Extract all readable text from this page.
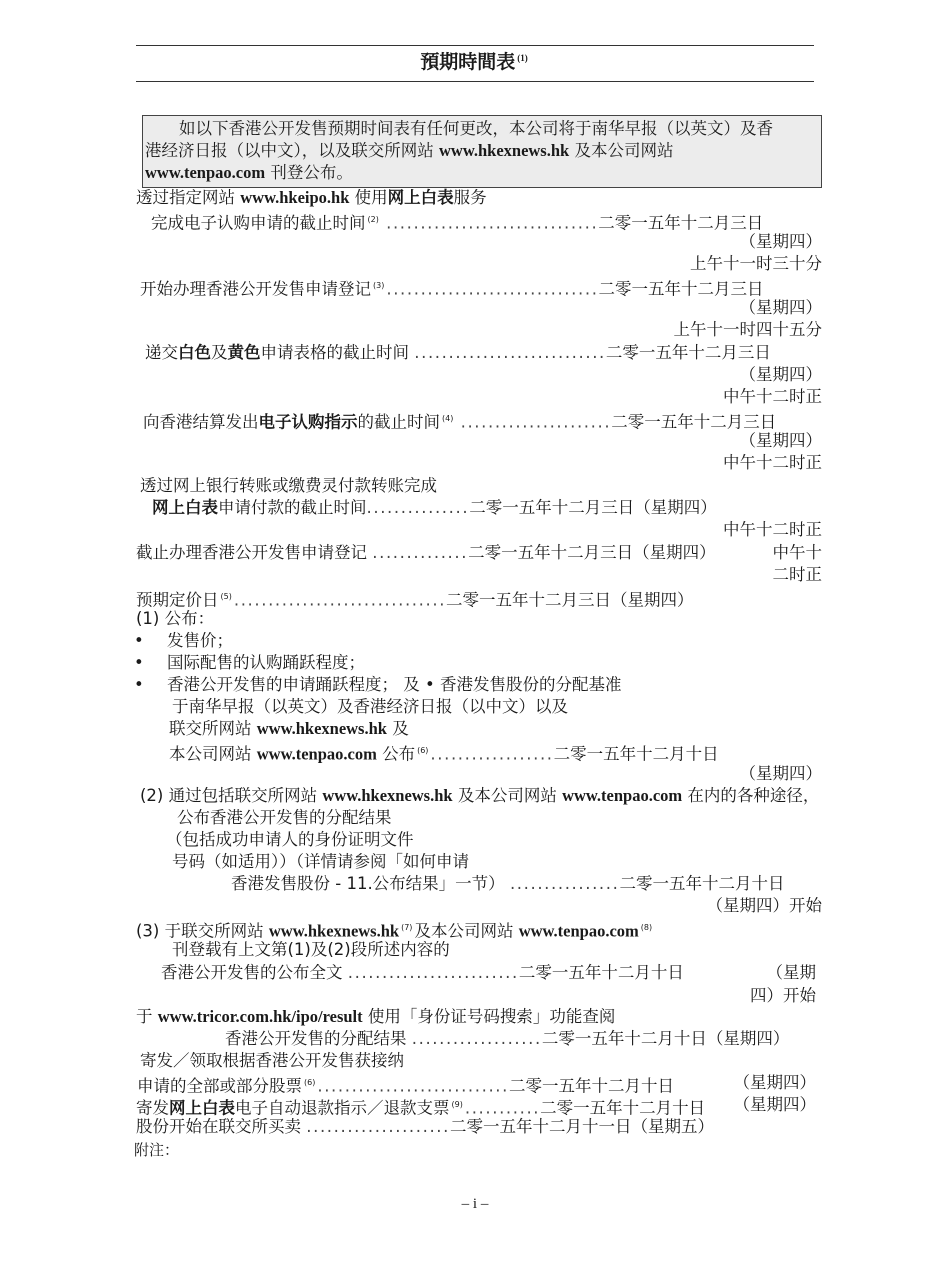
預期時間表 $^{(1)}$
如以下香港公开发售预期时间表有任何更改，本公司将于南华早报（以英文）及香
港经济日报（以中文），以及联交所网站 www.hkexnews.hk 及本公司网站
www.tenpao.com 刊登公布。
透过指定网站 www.hkeipo.hk 使用网上白表服务
完成电子认购申请的截止时间 $^{(2)}$ ...............................二零一五年十二月三日
（星期四）
上午十一时三十分
开始办理香港公开发售申请登记 $^{(3)}$ ...............................二零一五年十二月三日
（星期四）
上午十一时四十五分
递交白色及黄色申请表格的截止时间 ............................二零一五年十二月三日
（星期四）
中午十二时正
向香港结算发出电子认购指示的截止时间 $^{(4)}$ ......................二零一五年十二月三日
（星期四）
中午十二时正
透过网上银行转账或缴费灵付款转账完成
网上白表申请付款的截止时间...............二零一五年十二月三日（星期四）
中午十二时正
截止办理香港公开发售申请登记 ..............二零一五年十二月三日（星期四）	中午十
二时正
预期定价日 $^{(5)}$ ...............................二零一五年十二月三日（星期四）
(1) 公布：
• 发售价；
• 国际配售的认购踊跃程度；
• 香港公开发售的申请踊跃程度； 及 • 香港发售股份的分配基准
于南华早报（以英文）及香港经济日报（以中文）以及
联交所网站 www.hkexnews.hk 及
本公司网站 www.tenpao.com 公布 $^{(6)}$ ..................二零一五年十二月十日
（星期四）
(2) 通过包括联交所网站 www.hkexnews.hk 及本公司网站 www.tenpao.com 在内的各种途径，
公布香港公开发售的分配结果
（包括成功申请人的身份证明文件
号码（如适用））（详情请参阅「如何申请
香港发售股份 - 11.公布结果」一节） ................二零一五年十二月十日
（星期四）开始
(3) 于联交所网站 www.hkexnews.hk $^{(7)}$ 及本公司网站 www.tenpao.com $^{(8)}$
刊登载有上文第(1)及(2)段所述内容的
香港公开发售的公布全文 .........................二零一五年十二月十日	（星期
四）开始
于 www.tricor.com.hk/ipo/result 使用「身份证号码搜索」功能查阅
香港公开发售的分配结果 ...................二零一五年十二月十日（星期四）
寄发／领取根据香港公开发售获接纳
申请的全部或部分股票 $^{(6)}$ ............................二零一五年十二月十日	（星期四）
寄发网上白表电子自动退款指示／退款支票 $^{(9)}$ ...........二零一五年十二月十日 （星期四）
股份开始在联交所买卖 .....................二零一五年十二月十一日（星期五）
附注：
– i –
